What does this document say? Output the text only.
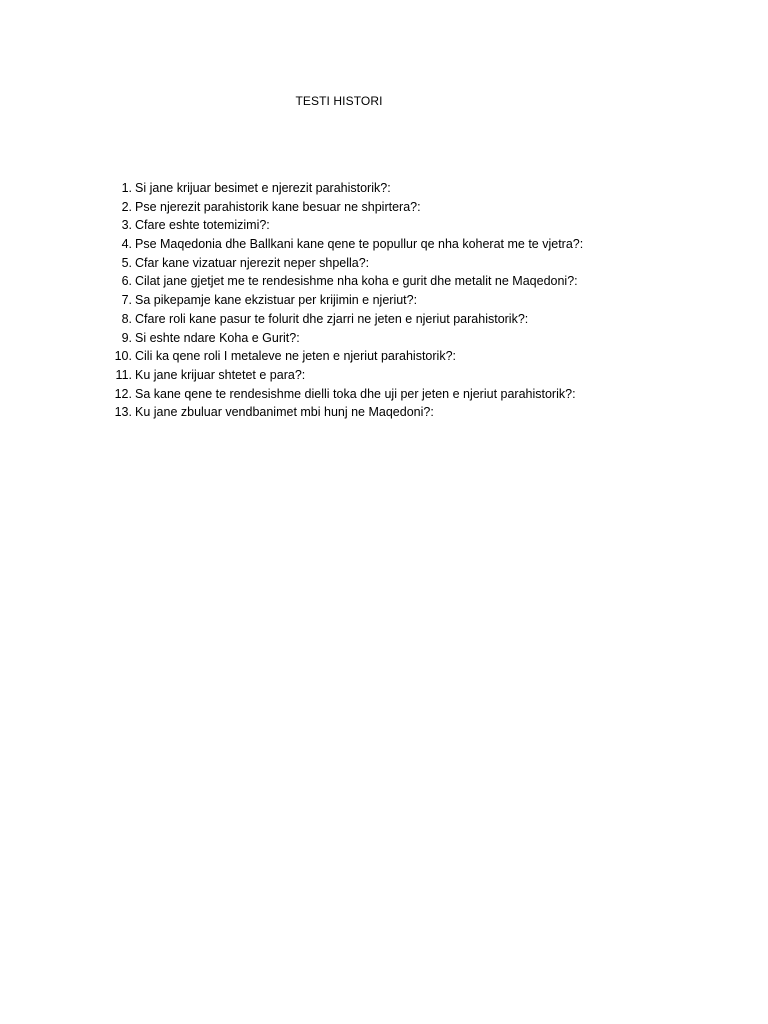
TESTI HISTORI
1. Si jane krijuar besimet e njerezit parahistorik?:
2. Pse njerezit parahistorik kane besuar ne shpirtera?:
3. Cfare eshte totemizimi?:
4. Pse Maqedonia dhe Ballkani kane qene te popullur qe nha koherat me te vjetra?:
5. Cfar kane vizatuar njerezit neper shpella?:
6. Cilat jane gjetjet me te rendesishme nha koha e gurit dhe metalit ne Maqedoni?:
7. Sa pikepamje kane ekzistuar per krijimin e njeriut?:
8. Cfare roli kane pasur te folurit dhe zjarri ne jeten e njeriut parahistorik?:
9. Si eshte ndare Koha e Gurit?:
10. Cili ka qene roli I metaleve ne jeten e njeriut parahistorik?:
11. Ku jane krijuar shtetet e para?:
12. Sa kane qene te rendesishme dielli toka dhe uji per jeten e njeriut parahistorik?:
13. Ku jane zbuluar vendbanimet mbi hunj ne Maqedoni?:
